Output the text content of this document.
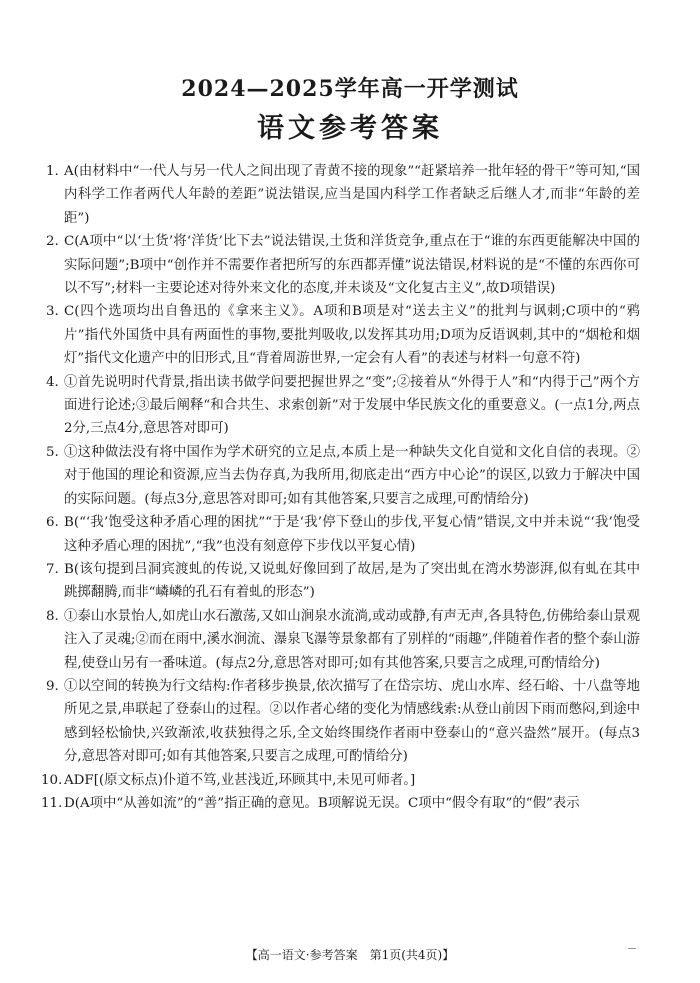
2024—2025学年高一开学测试
语文参考答案

1. A(由材料中“一代人与另一代人之间出现了青黄不接的现象”“赶紧培养一批年轻的骨干”等可知,“国内科学工作者两代人年龄的差距”说法错误,应当是国内科学工作者缺乏后继人才,而非“年龄的差距”)

2. C(A项中“以‘土货’将‘洋货’比下去”说法错误,土货和洋货竞争,重点在于“谁的东西更能解决中国的实际问题”;B项中“创作并不需要作者把所写的东西都弄懂”说法错误,材料说的是“不懂的东西你可以不写”;材料一主要论述对待外来文化的态度,并未谈及“文化复古主义”,故D项错误)

3. C(四个选项均出自鲁迅的《拿来主义》。A项和B项是对“送去主义”的批判与讽刺;C项中的“鸦片”指代外国货中具有两面性的事物,要批判吸收,以发挥其功用;D项为反语讽刺,其中的“烟枪和烟灯”指代文化遗产中的旧形式,且“背着周游世界,一定会有人看”的表述与材料一句意不符)

4. ①首先说明时代背景,指出读书做学问要把握世界之“变”;②接着从“外得于人”和“内得于己”两个方面进行论述;③最后阐释“和合共生、求索创新”对于发展中华民族文化的重要意义。(一点1分,两点2分,三点4分,意思答对即可)

5. ①这种做法没有将中国作为学术研究的立足点,本质上是一种缺失文化自觉和文化自信的表现。②对于他国的理论和资源,应当去伪存真,为我所用,彻底走出“西方中心论”的误区,以致力于解决中国的实际问题。(每点3分,意思答对即可;如有其他答案,只要言之成理,可酌情给分)

6. B(“‘我’饱受这种矛盾心理的困扰”“于是‘我’停下登山的步伐,平复心情”错误,文中并未说“‘我’饱受这种矛盾心理的困扰”,“我”也没有刻意停下步伐以平复心情)

7. B(该句提到吕洞宾渡虬的传说,又说虬好像回到了故居,是为了突出虬在湾水势澎湃,似有虬在其中跳掷翻腾,而非“嶙嶙的孔石有着虬的形态”)

8. ①泰山水景怡人,如虎山水石激荡,又如山涧泉水流淌,或动或静,有声无声,各具特色,仿佛给泰山景观注入了灵魂;②而在雨中,溪水涧流、瀑泉飞瀑等景象都有了别样的“雨趣”,伴随着作者的整个泰山游程,使登山另有一番味道。(每点2分,意思答对即可;如有其他答案,只要言之成理,可酌情给分)

9. ①以空间的转换为行文结构:作者移步换景,依次描写了在岱宗坊、虎山水库、经石峪、十八盘等地所见之景,串联起了登泰山的过程。②以作者心绪的变化为情感线索:从登山前因下雨而憋闷,到途中感到轻松愉快,兴致渐浓,收获独得之乐,全文始终围绕作者雨中登泰山的“意兴盎然”展开。(每点3分,意思答对即可;如有其他答案,只要言之成理,可酌情给分)

10. ADF[(原文标点)仆道不笃,业甚浅近,环顾其中,未见可师者。]

11. D(A项中“从善如流”的“善”指正确的意见。B项解说无误。C项中“假令有取”的“假”表示

【高一语文·参考答案　第1页(共4页)】
